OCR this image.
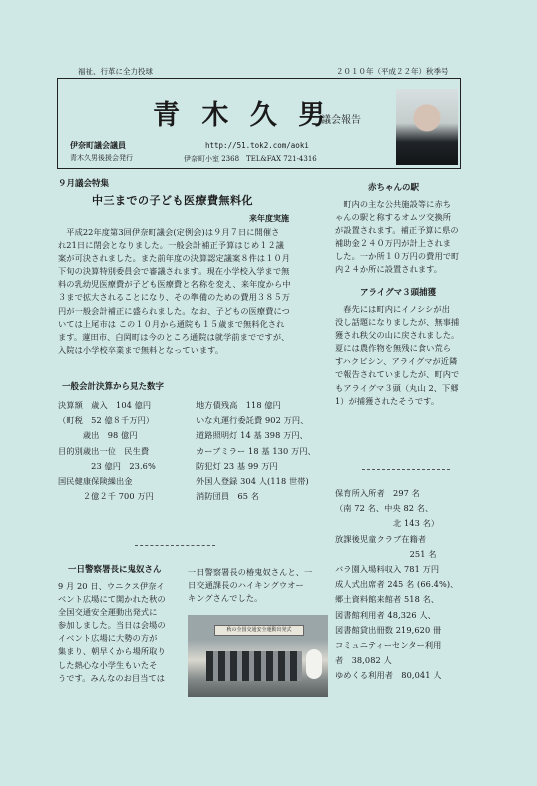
福祉、行革に全力投球	２０１０年（平成２２年）秋季号
青 木 久 男
議会報告
伊奈町議会議員
青木久男後援会発行
http://51.tok2.com/aoki
伊奈町小室 2368　TEL&FAX 721-4316
９月議会特集
中三までの子ども医療費無料化
来年度実施
　平成22年度第3回伊奈町議会(定例会)は９月７日に開催さ
れ21日に閉会となりました。一般会計補正予算はじめ１２議
案が可決されました。また前年度の決算認定議案８件は１０月
下旬の決算特別委員会で審議されます。現在小学校入学まで無
料の乳幼児医療費が子ども医療費と名称を変え、来年度から中
３まで拡大されることになり、その準備のための費用３８５万
円が一般会計補正に盛られました。なお、子どもの医療費につ
いては上尾市は この１０月から通院も１５歳まで無料化され
ます。蓮田市、白岡町は今のところ通院は就学前までですが、
入院は小学校卒業まで無料となっています。
一般会計決算から見た数字
決算額　歳入　104 億円
（町税　52 億８千万円）
　　　歳出　98 億円
目的別歳出一位　民生費
　　　　23 億円　23.6%
国民健康保険繰出金
　　　２億２千 700 万円
地方債残高　118 億円
いな丸運行委託費 902 万円、
道路照明灯 14 基 398 万円、
カーブミラー 18 基 130 万円、
防犯灯 23 基 99 万円
外国人登録 304 人(118 世帯)
消防団員　65 名
一日警察署長に鬼奴さん
9 月 20 日、ウニクス伊奈イ
ベント広場にて開かれた秋の
全国交通安全運動出発式に
参加しました。当日は会場の
イベント広場に大勢の方が
集まり、朝早くから場所取り
した熱心な小学生もいたそ
うです。みんなのお目当ては
一日警察署長の椿鬼奴さんと、一
日交通課長のハイキングウオー
キングさんでした。
秋の全国交通安全運動出発式
赤ちゃんの駅
　町内の主な公共施設等に赤ち
ゃんの駅と称するオムツ交換所
が設置されます。補正予算に県の
補助金２４０万円が計上されま
した。一か所１０万円の費用で町
内２４か所に設置されます。
アライグマ３頭捕獲
　春先には町内にイノシシが出
没し話題になりましたが、無事捕
獲され秩父の山に戻されました。
夏には農作物を無残に食い荒ら
すハクビシン、アライグマが近隣
で報告されていましたが、町内で
もアライグマ３頭（丸山 2、下郷
1）が捕獲されたそうです。
保育所入所者　297 名
（南 72 名、中央 82 名、
　　　　　　　北 143 名）
放課後児童クラブ在籍者
　　　　　　　　　251 名
バラ園入場料収入 781 万円
成人式出席者 245 名 (66.4%)、
郷土資料館来館者 518 名、
図書館利用者 48,326 人、
図書館貸出冊数 219,620 冊
コミュニティーセンター利用
者　38,082 人
ゆめくる利用者　80,041 人
